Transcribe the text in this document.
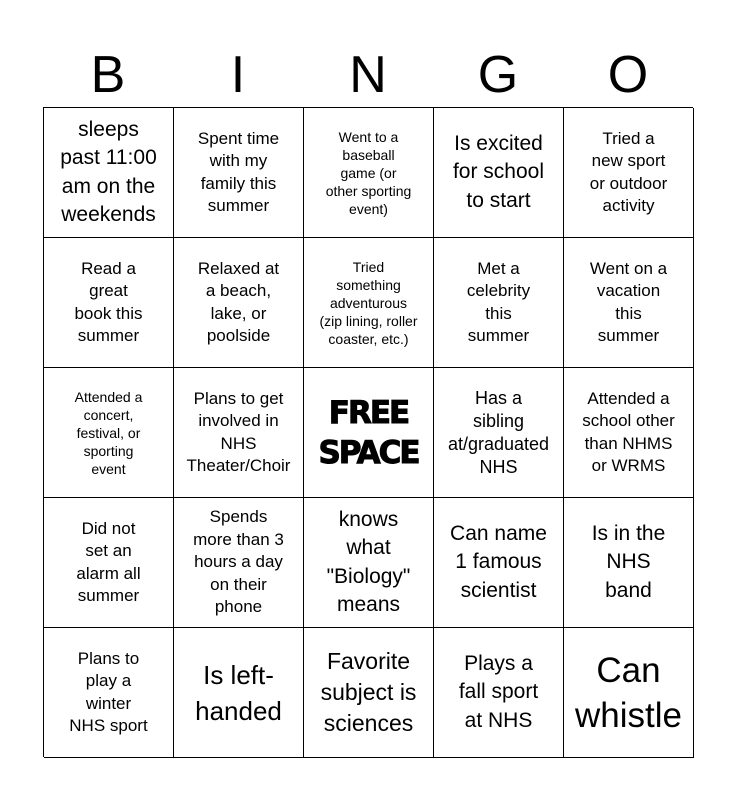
B	I	N	G	O
sleeps
past 11:00
am on the
weekends
Spent time
with my
family this
summer
Went to a
baseball
game (or
other sporting
event)
Is excited
for school
to start
Tried a
new sport
or outdoor
activity
Read a
great
book this
summer
Relaxed at
a beach,
lake, or
poolside
Tried
something
adventurous
(zip lining, roller
coaster, etc.)
Met a
celebrity
this
summer
Went on a
vacation
this
summer
Attended a
concert,
festival, or
sporting
event
Plans to get
involved in
NHS
Theater/Choir
FREE
SPACE
Has a
sibling
at/graduated
NHS
Attended a
school other
than NHMS
or WRMS
Did not
set an
alarm all
summer
Spends
more than 3
hours a day
on their
phone
knows
what
"Biology"
means
Can name
1 famous
scientist
Is in the
NHS
band
Plans to
play a
winter
NHS sport
Is left-
handed
Favorite
subject is
sciences
Plays a
fall sport
at NHS
Can
whistle
